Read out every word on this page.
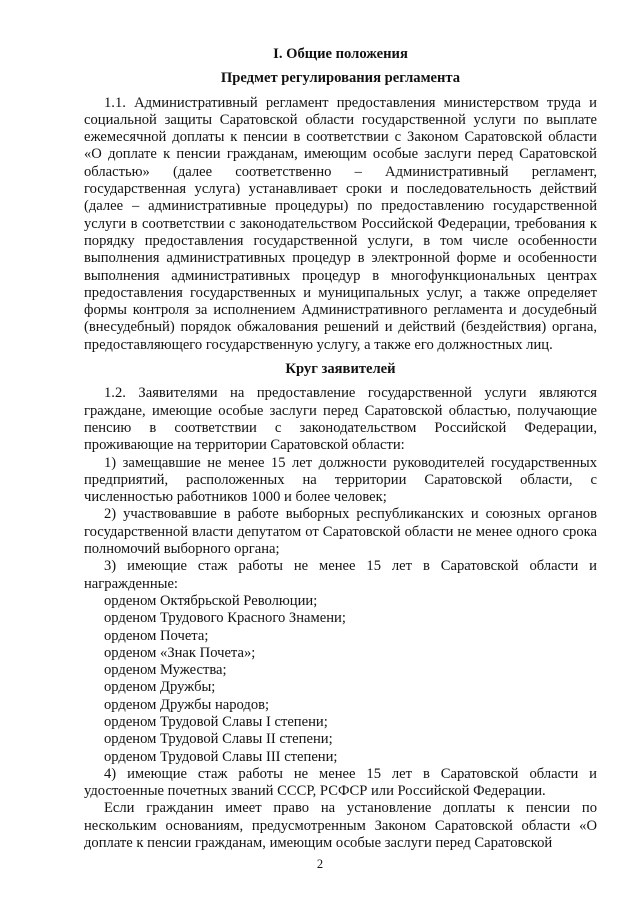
I. Общие положения
Предмет регулирования регламента

1.1. Административный регламент предоставления министерством труда и социальной защиты Саратовской области государственной услуги по выплате ежемесячной доплаты к пенсии в соответствии с Законом Саратовской области «О доплате к пенсии гражданам, имеющим особые заслуги перед Саратовской областью» (далее соответственно – Административный регламент, государственная услуга) устанавливает сроки и последовательность действий (далее – административные процедуры) по предоставлению государственной услуги в соответствии с законодательством Российской Федерации, требования к порядку предоставления государственной услуги, в том числе особенности выполнения административных процедур в электронной форме и особенности выполнения административных процедур в многофункциональных центрах предоставления государственных и муниципальных услуг, а также определяет формы контроля за исполнением Административного регламента и досудебный (внесудебный) порядок обжалования решений и действий (бездействия) органа, предоставляющего государственную услугу, а также его должностных лиц.

Круг заявителей

1.2. Заявителями на предоставление государственной услуги являются граждане, имеющие особые заслуги перед Саратовской областью, получающие пенсию в соответствии с законодательством Российской Федерации, проживающие на территории Саратовской области:

1) замещавшие не менее 15 лет должности руководителей государственных предприятий, расположенных на территории Саратовской области, с численностью работников 1000 и более человек;

2) участвовавшие в работе выборных республиканских и союзных органов государственной власти депутатом от Саратовской области не менее одного срока полномочий выборного органа;

3) имеющие стаж работы не менее 15 лет в Саратовской области и награжденные:

орденом Октябрьской Революции;
орденом Трудового Красного Знамени;
орденом Почета;
орденом «Знак Почета»;
орденом Мужества;
орденом Дружбы;
орденом Дружбы народов;
орденом Трудовой Славы I степени;
орденом Трудовой Славы II степени;
орденом Трудовой Славы III степени;

4) имеющие стаж работы не менее 15 лет в Саратовской области и удостоенные почетных званий СССР, РСФСР или Российской Федерации.

Если гражданин имеет право на установление доплаты к пенсии по нескольким основаниям, предусмотренным Законом Саратовской области «О доплате к пенсии гражданам, имеющим особые заслуги перед Саратовской

2
